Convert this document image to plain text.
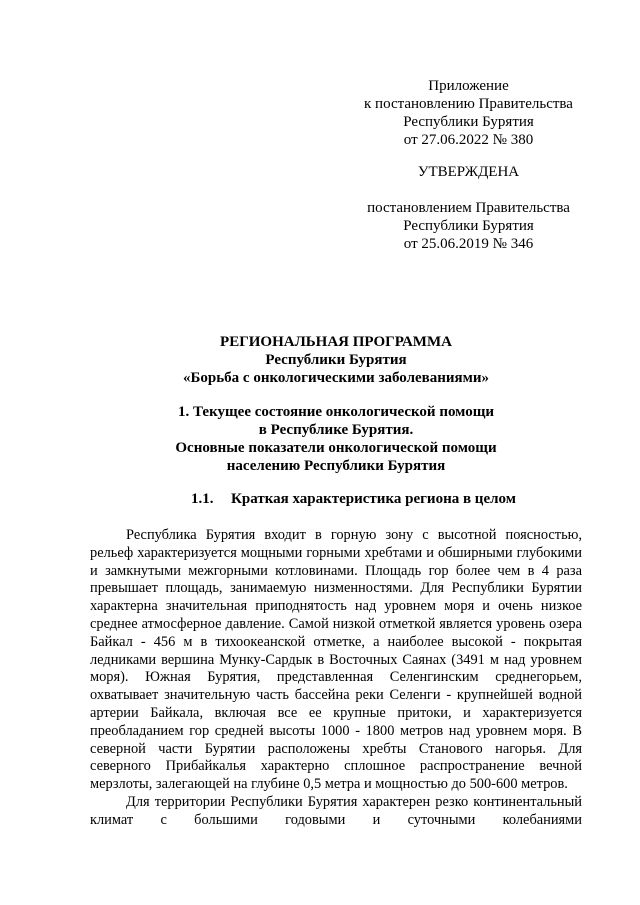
Приложение
к постановлению Правительства
Республики Бурятия
от 27.06.2022 № 380
УТВЕРЖДЕНА
постановлением Правительства
Республики Бурятия
от 25.06.2019 № 346
РЕГИОНАЛЬНАЯ ПРОГРАММА
Республики Бурятия
«Борьба с онкологическими заболеваниями»
1. Текущее состояние онкологической помощи
в Республике Бурятия.
Основные показатели онкологической помощи
населению Республики Бурятия
1.1. Краткая характеристика региона в целом

Республика Бурятия входит в горную зону с высотной поясностью, рельеф характеризуется мощными горными хребтами и обширными глубокими и замкнутыми межгорными котловинами. Площадь гор более чем в 4 раза превышает площадь, занимаемую низменностями. Для Республики Бурятии характерна значительная приподнятость над уровнем моря и очень низкое среднее атмосферное давление. Самой низкой отметкой является уровень озера Байкал - 456 м в тихоокеанской отметке, а наиболее высокой - покрытая ледниками вершина Мунку-Сардык в Восточных Саянах (3491 м над уровнем моря). Южная Бурятия, представленная Селенгинским среднегорьем, охватывает значительную часть бассейна реки Селенги - крупнейшей водной артерии Байкала, включая все ее крупные притоки, и характеризуется преобладанием гор средней высоты 1000 - 1800 метров над уровнем моря. В северной части Бурятии расположены хребты Станового нагорья. Для северного Прибайкалья характерно сплошное распространение вечной мерзлоты, залегающей на глубине 0,5 метра и мощностью до 500-600 метров.

Для территории Республики Бурятия характерен резко континентальный климат с большими годовыми и суточными колебаниями
